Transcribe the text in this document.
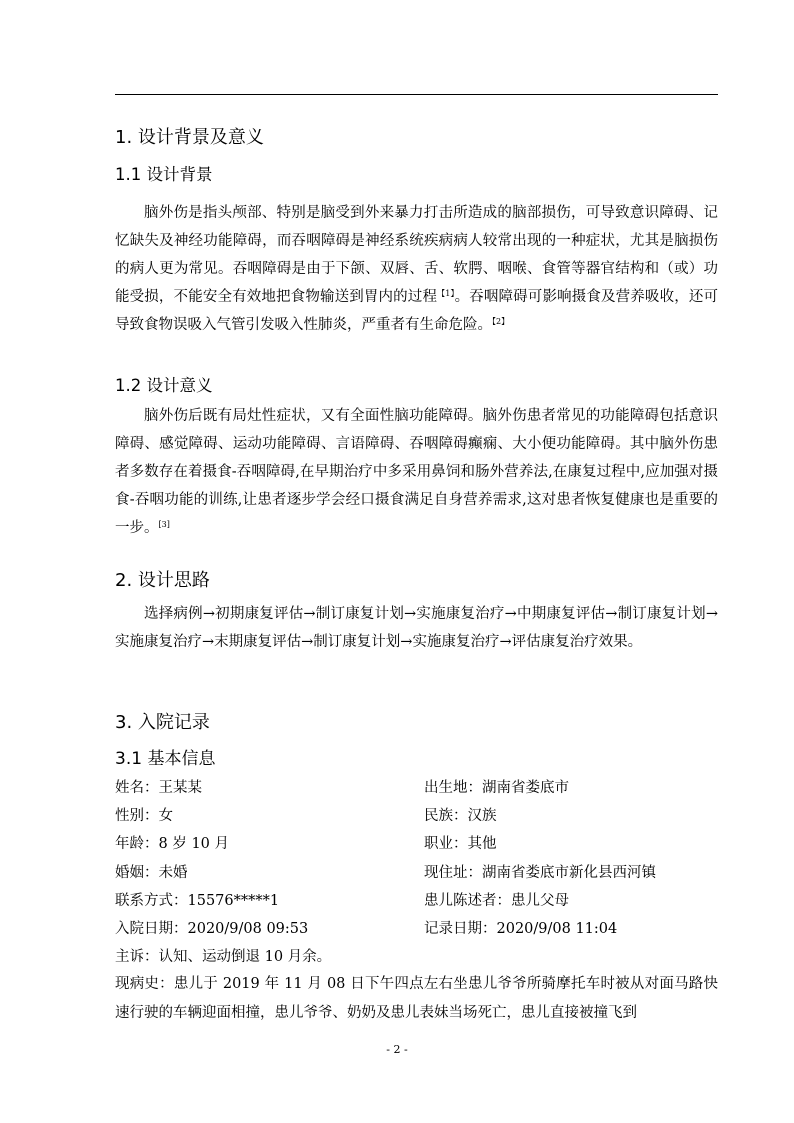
1. 设计背景及意义
1.1 设计背景

脑外伤是指头颅部、特别是脑受到外来暴力打击所造成的脑部损伤，可导致意识障碍、记忆缺失及神经功能障碍，而吞咽障碍是神经系统疾病病人较常出现的一种症状，尤其是脑损伤的病人更为常见。吞咽障碍是由于下颌、双唇、舌、软腭、咽喉、食管等器官结构和（或）功能受损，不能安全有效地把食物输送到胃内的过程$^{【1】}$。吞咽障碍可影响摄食及营养吸收，还可导致食物误吸入气管引发吸入性肺炎，严重者有生命危险。$^{【2】}$

1.2 设计意义

脑外伤后既有局灶性症状，又有全面性脑功能障碍。脑外伤患者常见的功能障碍包括意识障碍、感觉障碍、运动功能障碍、言语障碍、吞咽障碍癫痫、大小便功能障碍。其中脑外伤患者多数存在着摄食-吞咽障碍,在早期治疗中多采用鼻饲和肠外营养法,在康复过程中,应加强对摄食-吞咽功能的训练,让患者逐步学会经口摄食满足自身营养需求,这对患者恢复健康也是重要的一步。[3]

2. 设计思路

选择病例→初期康复评估→制订康复计划→实施康复治疗→中期康复评估→制订康复计划→实施康复治疗→末期康复评估→制订康复计划→实施康复治疗→评估康复治疗效果。

3. 入院记录
3.1 基本信息
姓名：王某某	出生地：湖南省娄底市
性别：女	民族：汉族
年龄：8 岁 10 月	职业：其他
婚姻：未婚	现住址：湖南省娄底市新化县西河镇
联系方式：15576*****1	患儿陈述者：患儿父母
入院日期：2020/9/08 09:53	记录日期：2020/9/08 11:04
主诉：认知、运动倒退 10 月余。

现病史：患儿于 2019 年 11 月 08 日下午四点左右坐患儿爷爷所骑摩托车时被从对面马路快速行驶的车辆迎面相撞，患儿爷爷、奶奶及患儿表妹当场死亡，患儿直接被撞飞到

- 2 -
